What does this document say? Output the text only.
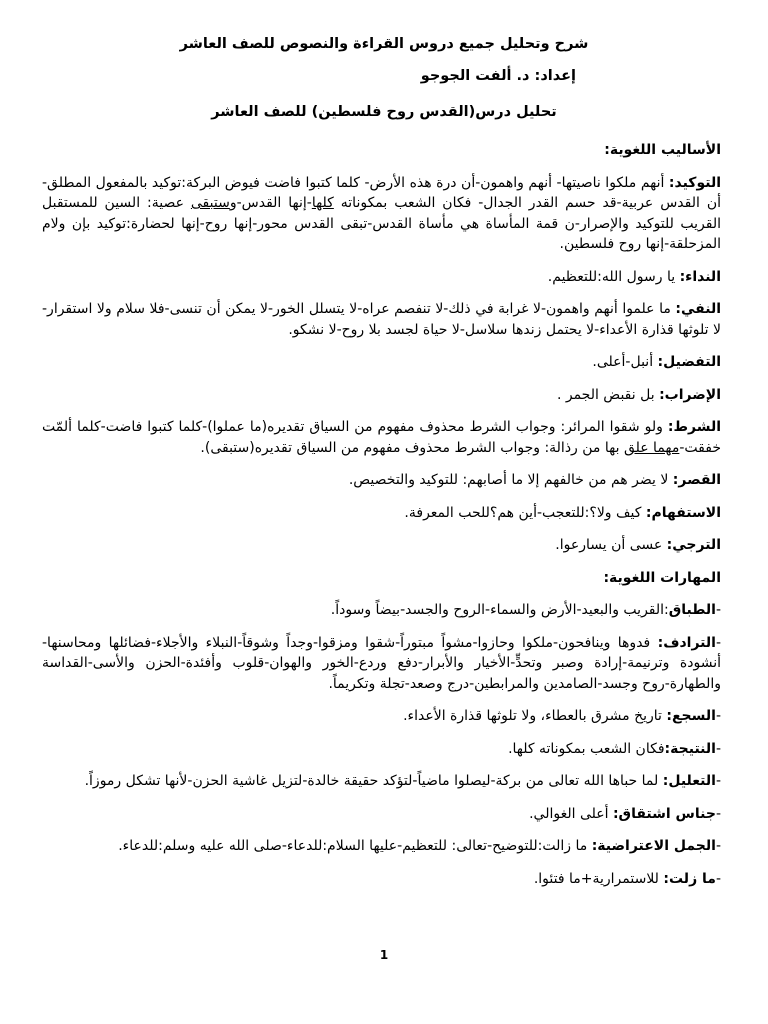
شرح وتحليل جميع دروس القراءة والنصوص للصف العاشر
إعداد: د. ألفت الجوجو
تحليل درس(القدس روح فلسطين) للصف العاشر
الأساليب اللغوية:
التوكيد: أنهم ملكوا ناصيتها- أنهم واهمون-أن درة هذه الأرض- كلما كتبوا فاضت فيوض البركة:توكيد بالمفعول المطلق-أن القدس عربية-قد حسم القدر الجدال- فكان الشعب بمكوناته كلها-إنها القدس-وستبقى عصية: السين للمستقبل القريب للتوكيد والإصرار-ن قمة المأساة هي مأساة القدس-تبقى القدس محور-إنها روح-إنها لحضارة:توكيد بإن ولام المزحلقة-إنها روح فلسطين.
النداء: يا رسول الله:للتعظيم.
النفي: ما علموا أنهم واهمون-لا غرابة في ذلك-لا تنفصم عراه-لا يتسلل الخور-لا يمكن أن تنسى-فلا سلام ولا استقرار-لا تلوثها قذارة الأعداء-لا يحتمل زندها سلاسل-لا حياة لجسد بلا روح-لا نشكو.
التفضيل: أنبل-أعلى.
الإضراب: بل نقبض الجمر .
الشرط: ولو شقوا المرائر: وجواب الشرط محذوف مفهوم من السياق تقديره(ما عملوا)-كلما كتبوا فاضت-كلما ألمّت خفقت-مهما علق بها من رذالة: وجواب الشرط محذوف مفهوم من السياق تقديره(ستبقى).
القصر: لا يضر هم من خالفهم إلا ما أصابهم: للتوكيد والتخصيص.
الاستفهام: كيف ولا؟:للتعجب-أين هم؟للحب المعرفة.
الترجي: عسى أن يسارعوا.
المهارات اللغوية:
-الطباق:القريب والبعيد-الأرض والسماء-الروح والجسد-بيضاً وسوداً.
-الترادف: فدوها وينافحون-ملكوا وحازوا-مشواً مبتوراً-شقوا ومزقوا-وجداً وشوقاً-النبلاء والأجلاء-فضائلها ومحاسنها-أنشودة وترنيمة-إرادة وصبر وتحدٍّ-الأخيار والأبرار-دفع وردع-الخور والهوان-قلوب وأفئدة-الحزن والأسى-القداسة والطهارة-روح وجسد-الصامدين والمرابطين-درج وصعد-تجلة وتكريماً.
-السجع: تاريخ مشرق بالعطاء، ولا تلوثها قذارة الأعداء.
-النتيجة:فكان الشعب بمكوناته كلها.
-التعليل: لما حباها الله تعالى من بركة-ليصلوا ماضياً-لتؤكد حقيقة خالدة-لتزيل غاشية الحزن-لأنها تشكل رموزاً.
-جناس اشتقاق: أعلى الغوالي.
-الجمل الاعتراضية: ما زالت:للتوضيح-تعالى: للتعظيم-عليها السلام:للدعاء-صلى الله عليه وسلم:للدعاء.
-ما زلت: للاستمرارية+ما فتئوا.
1
